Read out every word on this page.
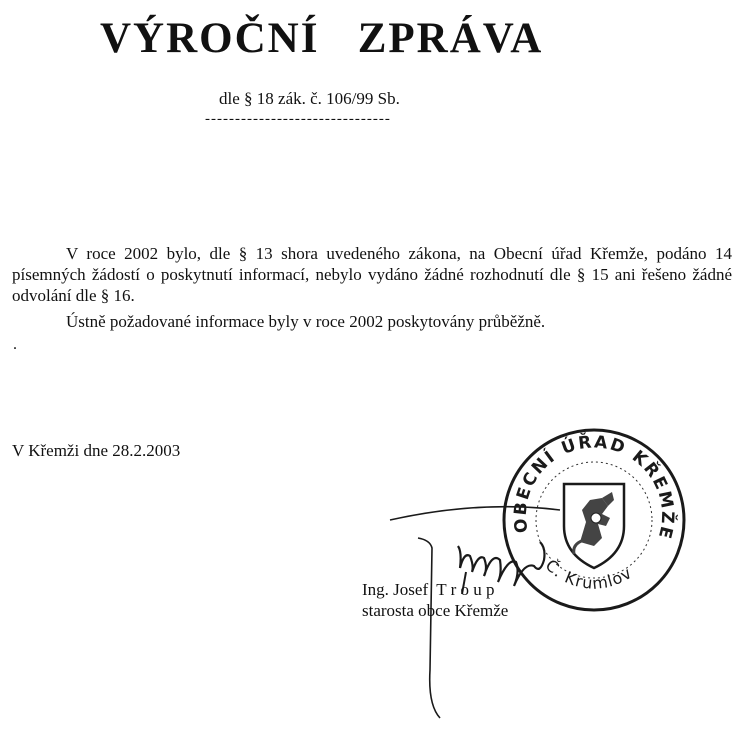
VÝROČNÍ   ZPRÁVA

dle § 18 zák. č. 106/99 Sb.

-------------------------------

V roce 2002 bylo, dle § 13 shora uvedeného zákona, na Obecní úřad Křemže, podáno 14 písemných žádostí o poskytnutí informací, nebylo vydáno žádné rozhodnutí dle § 15 ani řešeno žádné odvolání dle § 16.

Ústně požadované informace byly v roce 2002 poskytovány průběžně.

.

V Křemži dne 28.2.2003

OBECNÍ ÚŘAD KŘEMŽE
Č. Krumlov
Ing. Josef  T r o u p
starosta obce Křemže
